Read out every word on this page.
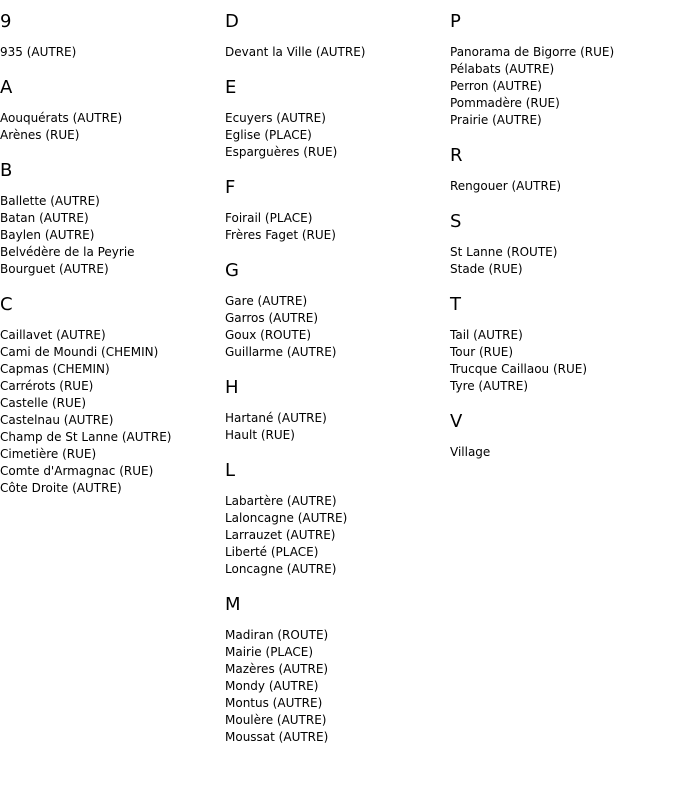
9
935 (AUTRE)
A
Aouquérats (AUTRE)
Arènes (RUE)
B
Ballette (AUTRE)
Batan (AUTRE)
Baylen (AUTRE)
Belvédère de la Peyrie
Bourguet (AUTRE)
C
Caillavet (AUTRE)
Cami de Moundi (CHEMIN)
Capmas (CHEMIN)
Carrérots (RUE)
Castelle (RUE)
Castelnau (AUTRE)
Champ de St Lanne (AUTRE)
Cimetière (RUE)
Comte d'Armagnac (RUE)
Côte Droite (AUTRE)
D
Devant la Ville (AUTRE)
E
Ecuyers (AUTRE)
Eglise (PLACE)
Esparguères (RUE)
F
Foirail (PLACE)
Frères Faget (RUE)
G
Gare (AUTRE)
Garros (AUTRE)
Goux (ROUTE)
Guillarme (AUTRE)
H
Hartané (AUTRE)
Hault (RUE)
L
Labartère (AUTRE)
Laloncagne (AUTRE)
Larrauzet (AUTRE)
Liberté (PLACE)
Loncagne (AUTRE)
M
Madiran (ROUTE)
Mairie (PLACE)
Mazères (AUTRE)
Mondy (AUTRE)
Montus (AUTRE)
Moulère (AUTRE)
Moussat (AUTRE)
P
Panorama de Bigorre (RUE)
Pélabats (AUTRE)
Perron (AUTRE)
Pommadère (RUE)
Prairie (AUTRE)
R
Rengouer (AUTRE)
S
St Lanne (ROUTE)
Stade (RUE)
T
Tail (AUTRE)
Tour (RUE)
Trucque Caillaou (RUE)
Tyre (AUTRE)
V
Village
